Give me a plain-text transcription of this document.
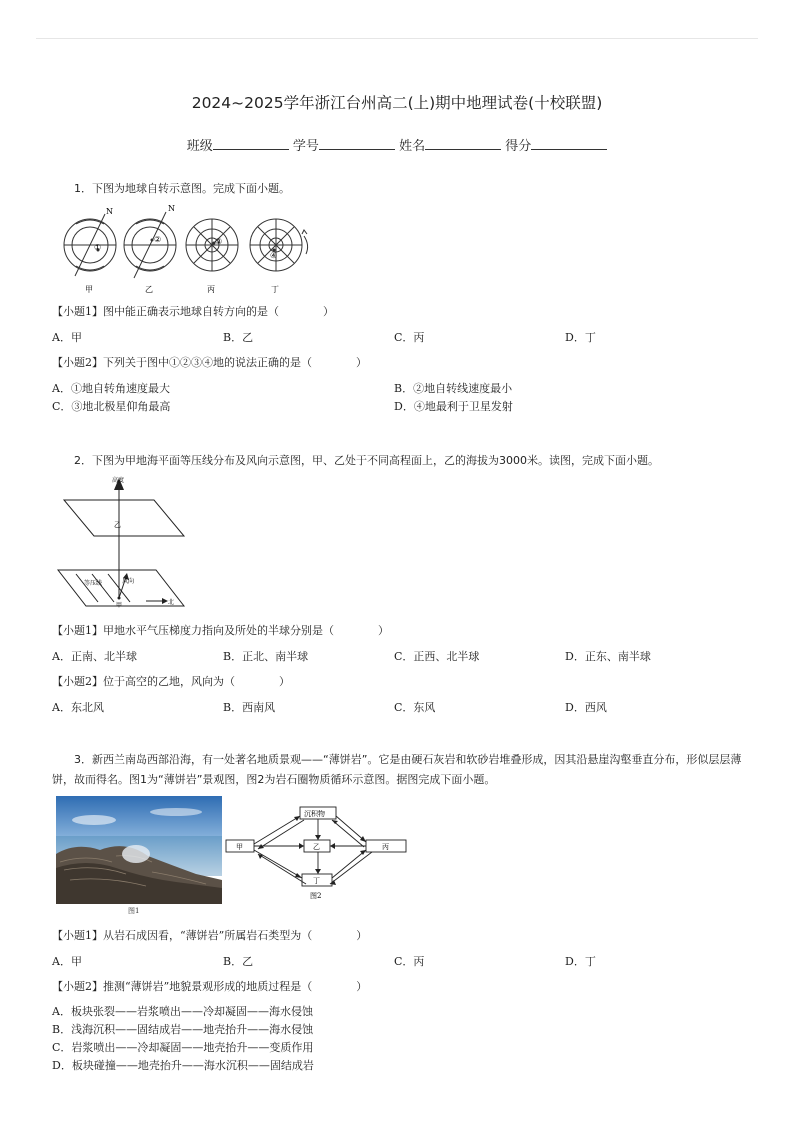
2024~2025学年浙江台州高二(上)期中地理试卷(十校联盟)
班级	学号	姓名	得分
1．下图为地球自转示意图。完成下面小题。
N	N
①
②	③
④
甲	乙	丙	丁
【小题1】图中能正确表示地球自转方向的是（　　　　）
A．甲	B．乙	C．丙	D．丁
【小题2】下列关于图中①②③④地的说法正确的是（　　　　）
A．①地自转角速度最大	B．②地自转线速度最小
C．③地北极星仰角最高	D．④地最利于卫星发射
2．下图为甲地海平面等压线分布及风向示意图，甲、乙处于不同高程面上，乙的海拔为3000米。读图，完成下面小题。
高度
乙
甲
风向
等压线
北
【小题1】甲地水平气压梯度力指向及所处的半球分别是（　　　　）
A．正南、北半球	B．正北、南半球	C．正西、北半球	D．正东、南半球
【小题2】位于高空的乙地，风向为（　　　　）
A．东北风	B．西南风	C．东风	D．西风
3．新西兰南岛西部沿海，有一处著名地质景观——“薄饼岩”。它是由硬石灰岩和软砂岩堆叠形成，因其沿悬崖沟壑垂直分布，形似层层薄饼，故而得名。图1为“薄饼岩”景观图，图2为岩石圈物质循环示意图。据图完成下面小题。
图1
沉积物
甲	乙	丙
丁
图2
【小题1】从岩石成因看，“薄饼岩”所属岩石类型为（　　　　）
A．甲	B．乙	C．丙	D．丁
【小题2】推测“薄饼岩”地貌景观形成的地质过程是（　　　　）
A．板块张裂——岩浆喷出——冷却凝固——海水侵蚀
B．浅海沉积——固结成岩——地壳抬升——海水侵蚀
C．岩浆喷出——冷却凝固——地壳抬升——变质作用
D．板块碰撞——地壳抬升——海水沉积——固结成岩
